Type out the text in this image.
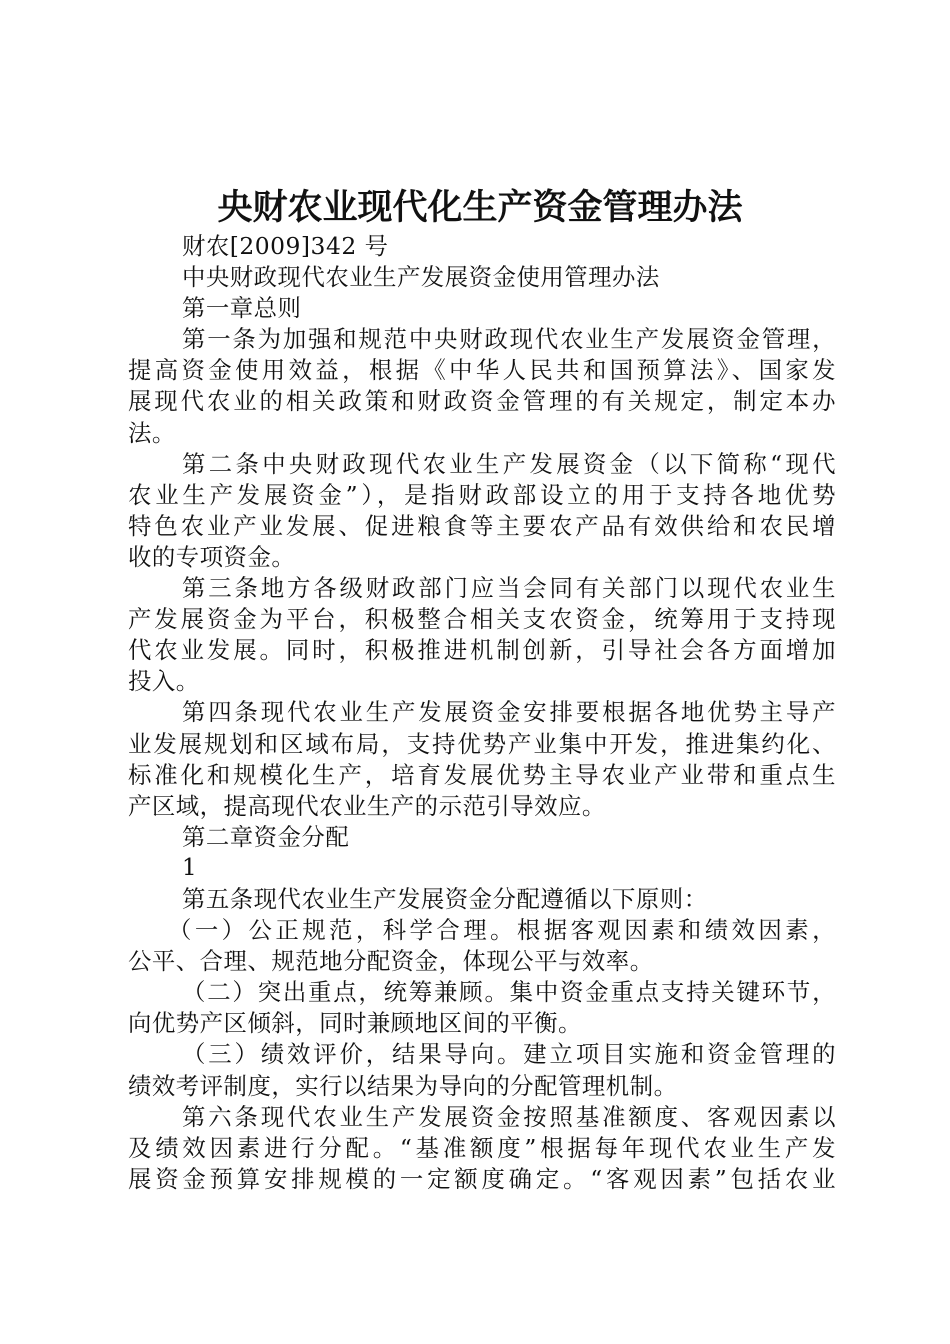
央财农业现代化生产资金管理办法
财农[2009]342 号
中央财政现代农业生产发展资金使用管理办法
第一章总则
第一条为加强和规范中央财政现代农业生产发展资金管理，
提高资金使用效益，根据《中华人民共和国预算法》、国家发
展现代农业的相关政策和财政资金管理的有关规定，制定本办
法。
第二条中央财政现代农业生产发展资金（以下简称“现代
农业生产发展资金”），是指财政部设立的用于支持各地优势
特色农业产业发展、促进粮食等主要农产品有效供给和农民增
收的专项资金。
第三条地方各级财政部门应当会同有关部门以现代农业生
产发展资金为平台，积极整合相关支农资金，统筹用于支持现
代农业发展。同时，积极推进机制创新，引导社会各方面增加
投入。
第四条现代农业生产发展资金安排要根据各地优势主导产
业发展规划和区域布局，支持优势产业集中开发，推进集约化、
标准化和规模化生产，培育发展优势主导农业产业带和重点生
产区域，提高现代农业生产的示范引导效应。
第二章资金分配
1
第五条现代农业生产发展资金分配遵循以下原则：
（一）公正规范，科学合理。根据客观因素和绩效因素，
公平、合理、规范地分配资金，体现公平与效率。
（二）突出重点，统筹兼顾。集中资金重点支持关键环节，
向优势产区倾斜，同时兼顾地区间的平衡。
（三）绩效评价，结果导向。建立项目实施和资金管理的
绩效考评制度，实行以结果为导向的分配管理机制。
第六条现代农业生产发展资金按照基准额度、客观因素以
及绩效因素进行分配。“基准额度”根据每年现代农业生产发
展资金预算安排规模的一定额度确定。“客观因素”包括农业
